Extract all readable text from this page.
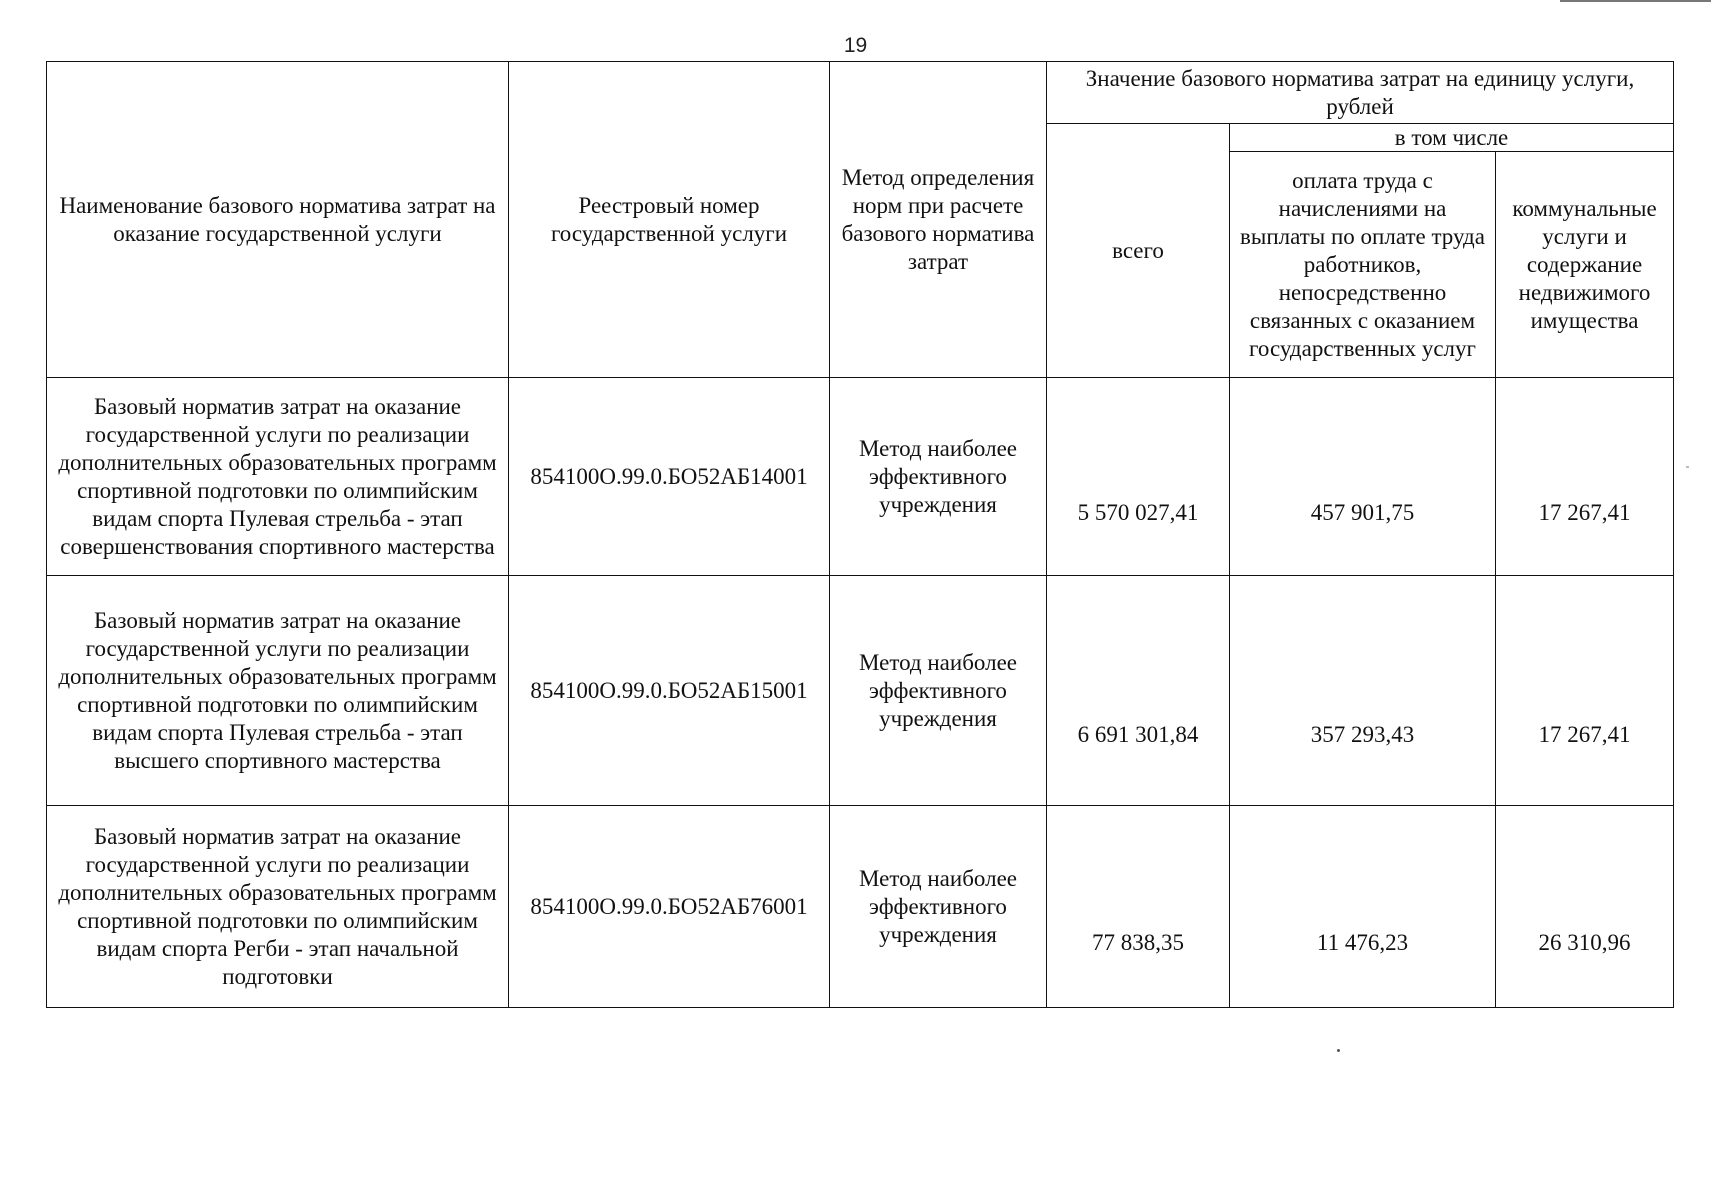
19
Наименование базового норматива затрат на оказание государственной услуги	Реестровый номер государственной услуги	Метод определения норм при расчете базового норматива затрат	Значение базового норматива затрат на единицу услуги, рублей		
			всего	в том числе	
				оплата труда с начислениями на выплаты по оплате труда работников, непосредственно связанных с оказанием государственных услуг	коммунальные услуги и содержание недвижимого имущества
Базовый норматив затрат на оказание государственной услуги по реализации дополнительных образовательных программ спортивной подготовки по олимпийским видам спорта Пулевая стрельба - этап совершенствования спортивного мастерства	854100О.99.0.БО52АБ14001	Метод наиболее эффективного учреждения	5 570 027,41	457 901,75	17 267,41

Базовый норматив затрат на оказание государственной услуги по реализации дополнительных образовательных программ спортивной подготовки по олимпийским видам спорта Пулевая стрельба - этап высшего спортивного мастерства	854100О.99.0.БО52АБ15001	Метод наиболее эффективного учреждения	6 691 301,84	357 293,43	17 267,41

Базовый норматив затрат на оказание государственной услуги по реализации дополнительных образовательных программ спортивной подготовки по олимпийским видам спорта Регби - этап начальной подготовки	854100О.99.0.БО52АБ76001	Метод наиболее эффективного учреждения	77 838,35	11 476,23	26 310,96
